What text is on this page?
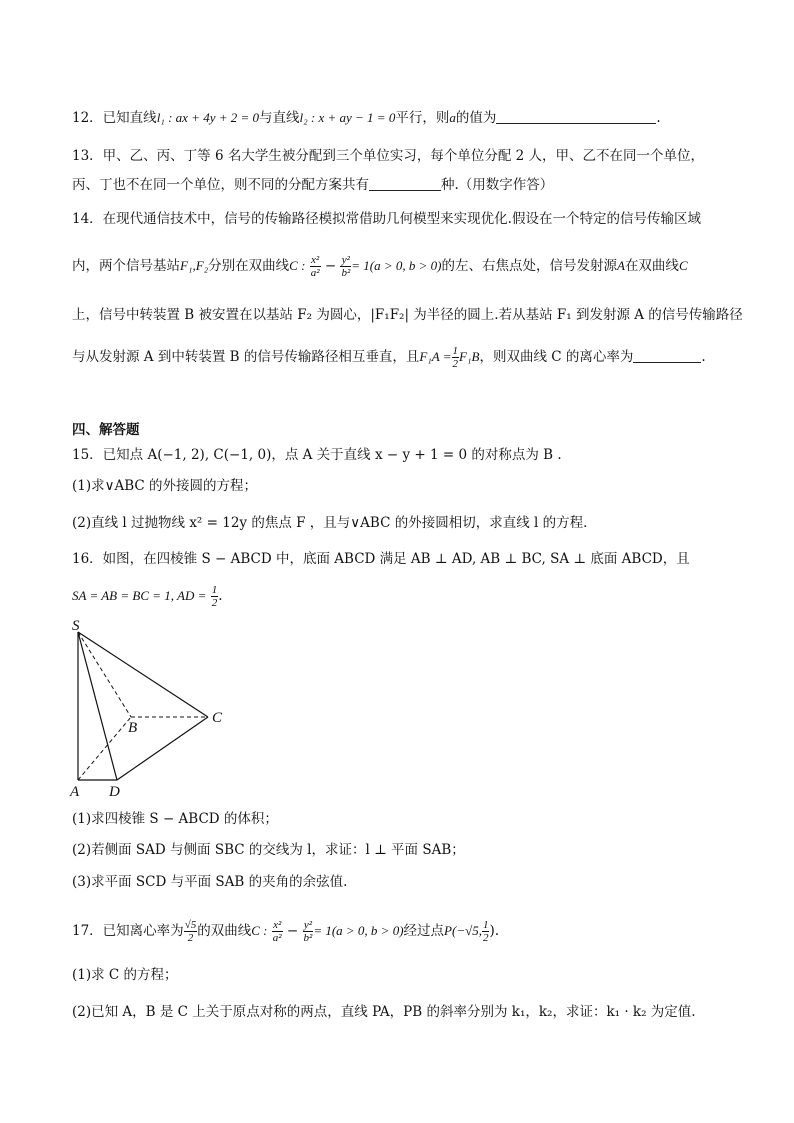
12．已知直线l₁ : ax + 4y + 2 = 0与直线l₂ : x + ay − 1 = 0平行，则a的值为	.
13．甲、乙、丙、丁等 6 名大学生被分配到三个单位实习，每个单位分配 2 人，甲、乙不在同一个单位，
丙、丁也不在同一个单位，则不同的分配方案共有	种.（用数字作答）
14．在现代通信技术中，信号的传输路径模拟常借助几何模型来实现优化.假设在一个特定的信号传输区域
内，两个信号基站F₁,F₂分别在双曲线C : $\frac{\text{x²}}{\text{a²}} - \frac{\text{y²}}{\text{b²}} = 1(a > 0$, b > 0)的左、右焦点处，信号发射源A在双曲线C
上，信号中转装置 B 被安置在以基站 F₂ 为圆心，|F₁F₂| 为半径的圆上.若从基站 F₁ 到发射源 A 的信号传输路径
与从发射源 A 到中转装置 B 的信号传输路径相互垂直，且$F_1A = \frac{1}{2} F_1B$，则双曲线 C 的离心率为	.
四、解答题
15．已知点 A(−1, 2), C(−1, 0)，点 A 关于直线 x − y + 1 = 0 的对称点为 B .
(1)求∨ABC 的外接圆的方程；
(2)直线 l 过抛物线 x² = 12y 的焦点 F ，且与∨ABC 的外接圆相切，求直线 l 的方程.
16．如图，在四棱锥 S − ABCD 中，底面 ABCD 满足 AB ⊥ AD, AB ⊥ BC, SA ⊥ 底面 ABCD，且
SA = AB = BC = 1, AD = $\frac{1}{2}$ .
S
A
B
C
D
(1)求四棱锥 S − ABCD 的体积；
(2)若侧面 SAD 与侧面 SBC 的交线为 l，求证：l ⊥ 平面 SAB；
(3)求平面 SCD 与平面 SAB 的夹角的余弦值.
17．已知离心率为 $\frac{√5}{2}$ 的双曲线C : $\frac{\text{x²}}{\text{a²}} - \frac{\text{y²}}{\text{b²}} = 1(a > 0$, b > 0)经过点P(−√5, $\frac{1}{2}$ ).
(1)求 C 的方程；
(2)已知 A，B 是 C 上关于原点对称的两点，直线 PA，PB 的斜率分别为 k₁，k₂，求证：k₁ · k₂ 为定值.
